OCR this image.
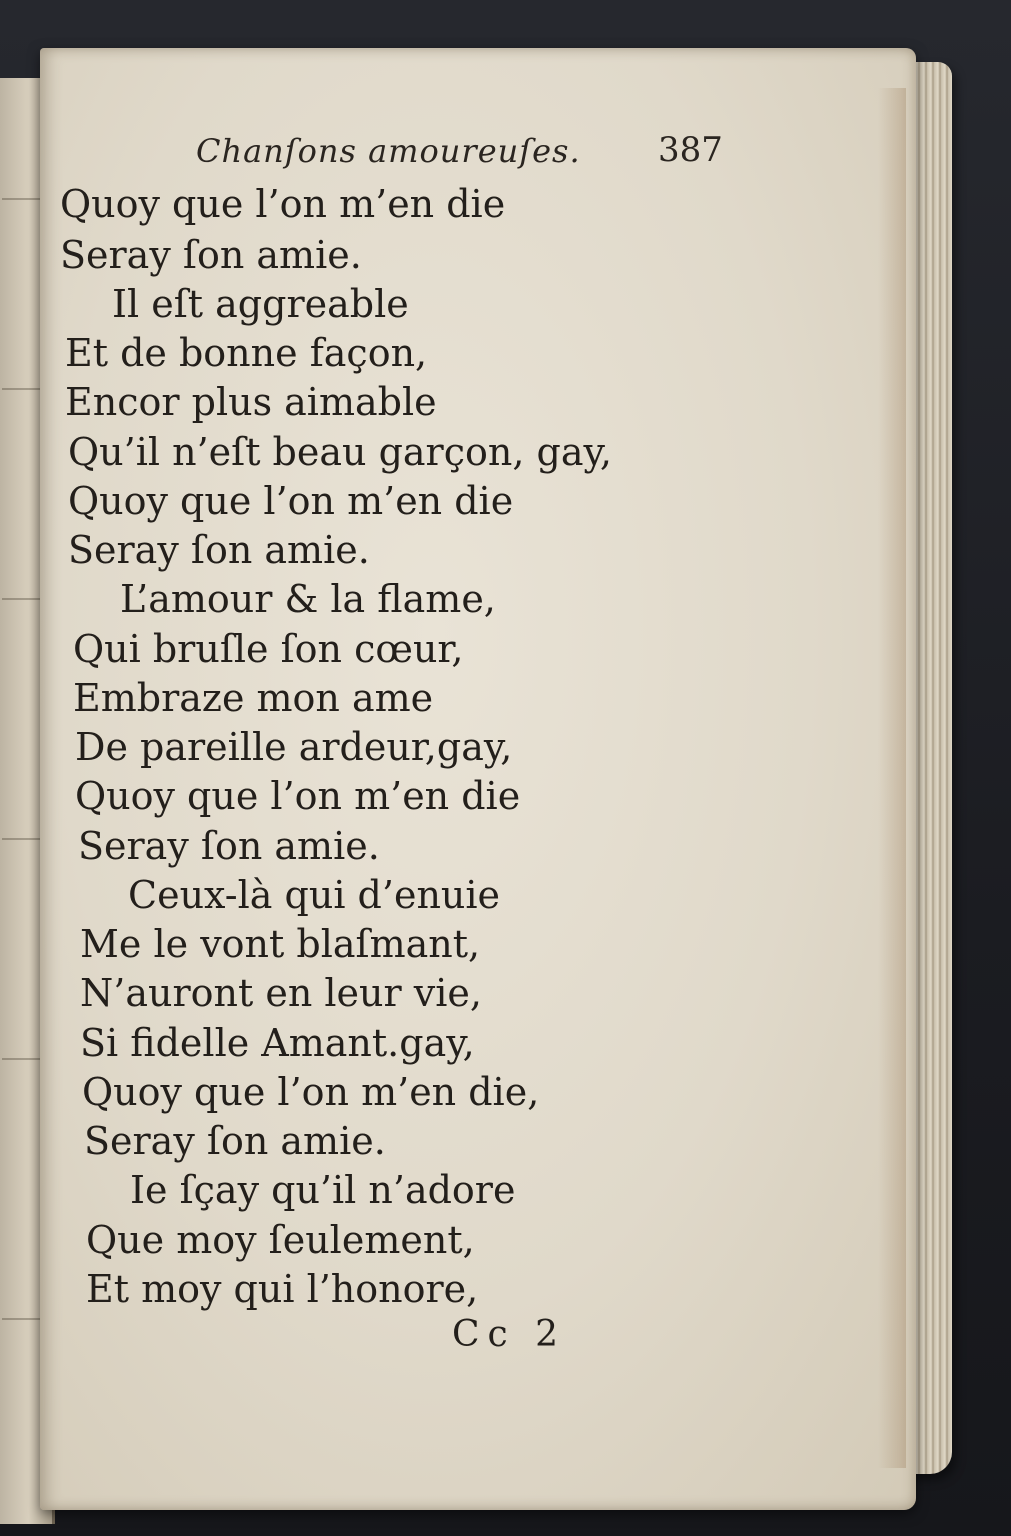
Chanſons amoureuſes. 387
Quoy que l’on m’en die
Seray ſon amie.
Il eſt aggreable
Et de bonne façon,
Encor plus aimable
Qu’il n’eſt beau garçon, gay,
Quoy que l’on m’en die
Seray ſon amie.
L’amour & la flame,
Qui bruſle ſon cœur,
Embraze mon ame
De pareille ardeur,gay,
Quoy que l’on m’en die
Seray ſon amie.
Ceux-là qui d’enuie
Me le vont blaſmant,
N’auront en leur vie,
Si fidelle Amant.gay,
Quoy que l’on m’en die,
Seray ſon amie.
Ie ſçay qu’il n’adore
Que moy ſeulement,
Et moy qui l’honore,
Cc 2
